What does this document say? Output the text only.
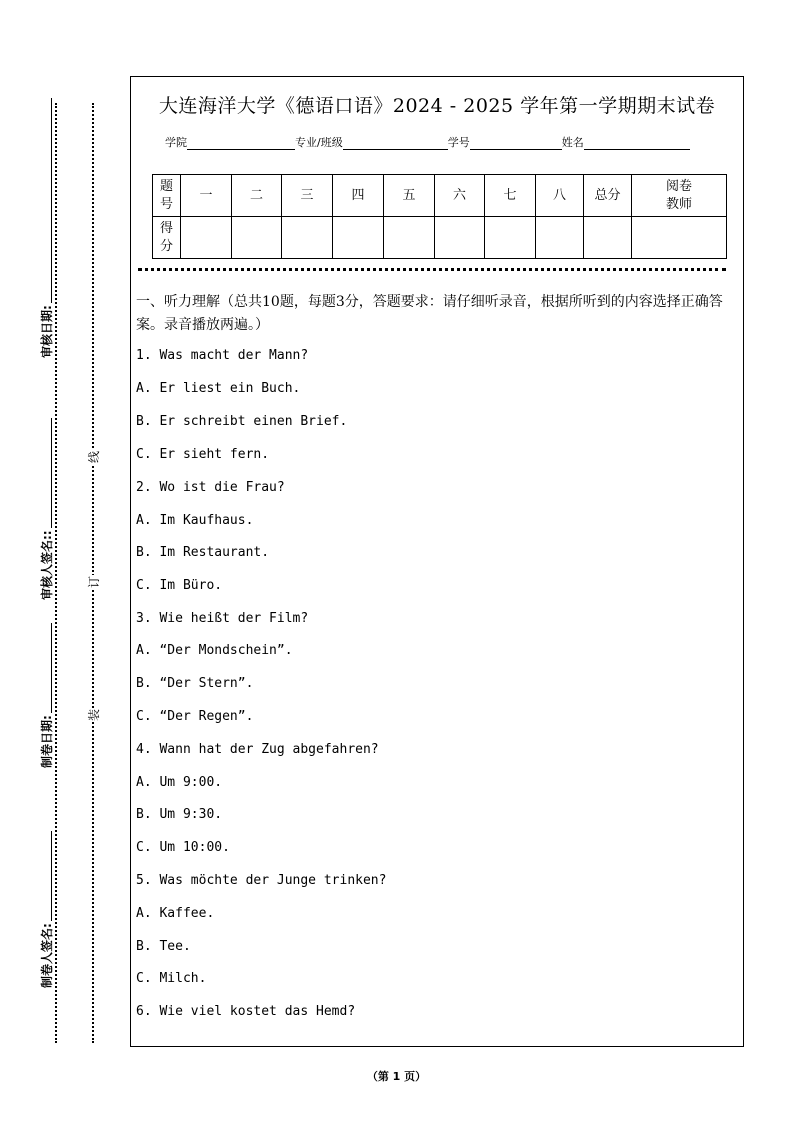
审核日期:
审核人签名::
制卷日期:
制卷人签名:
线
订
装
大连海洋大学《德语口语》2024 - 2025 学年第一学期期末试卷
学院	专业/班级	学号	姓名
题号	一	二	三	四	五	六	七	八	总分	阅卷教师
得分										
一、听力理解（总共10题，每题3分，答题要求：请仔细听录音，根据所听到的内容选择正确答案。录音播放两遍。）
1. Was macht der Mann?
A. Er liest ein Buch.
B. Er schreibt einen Brief.
C. Er sieht fern.
2. Wo ist die Frau?
A. Im Kaufhaus.
B. Im Restaurant.
C. Im Büro.
3. Wie heißt der Film?
A. “Der Mondschein”.
B. “Der Stern”.
C. “Der Regen”.
4. Wann hat der Zug abgefahren?
A. Um 9:00.
B. Um 9:30.
C. Um 10:00.
5. Was möchte der Junge trinken?
A. Kaffee.
B. Tee.
C. Milch.
6. Wie viel kostet das Hemd?
（第 1 页）
